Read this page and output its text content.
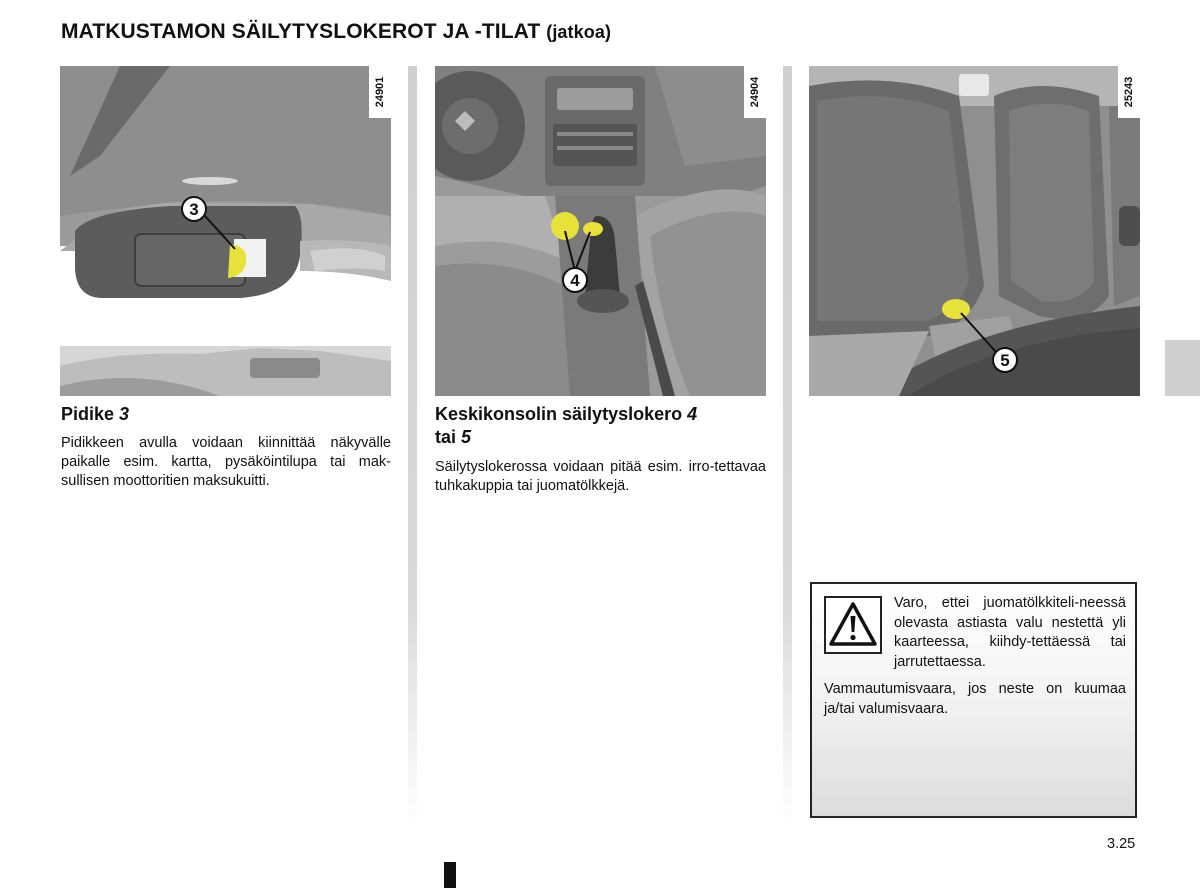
MATKUSTAMON SÄILYTYSLOKEROT JA -TILAT (jatkoa)
3
24901
4
24904
5
25243
Pidike 3
Pidikkeen avulla voidaan kiinnittää näkyvälle paikalle esim. kartta, pysäköintilupa tai mak-sullisen moottoritien maksukuitti.
Keskikonsolin säilytyslokero 4
tai 5
Säilytyslokerossa voidaan pitää esim. irro-tettavaa tuhkakuppia tai juomatölkkejä.
Varo, ettei juomatölkkiteli-neessä olevasta astiasta valu nestettä yli kaarteessa, kiihdy-tettäessä tai jarrutettaessa.
Vammautumisvaara, jos neste on kuumaa ja/tai valumisvaara.
3.25
